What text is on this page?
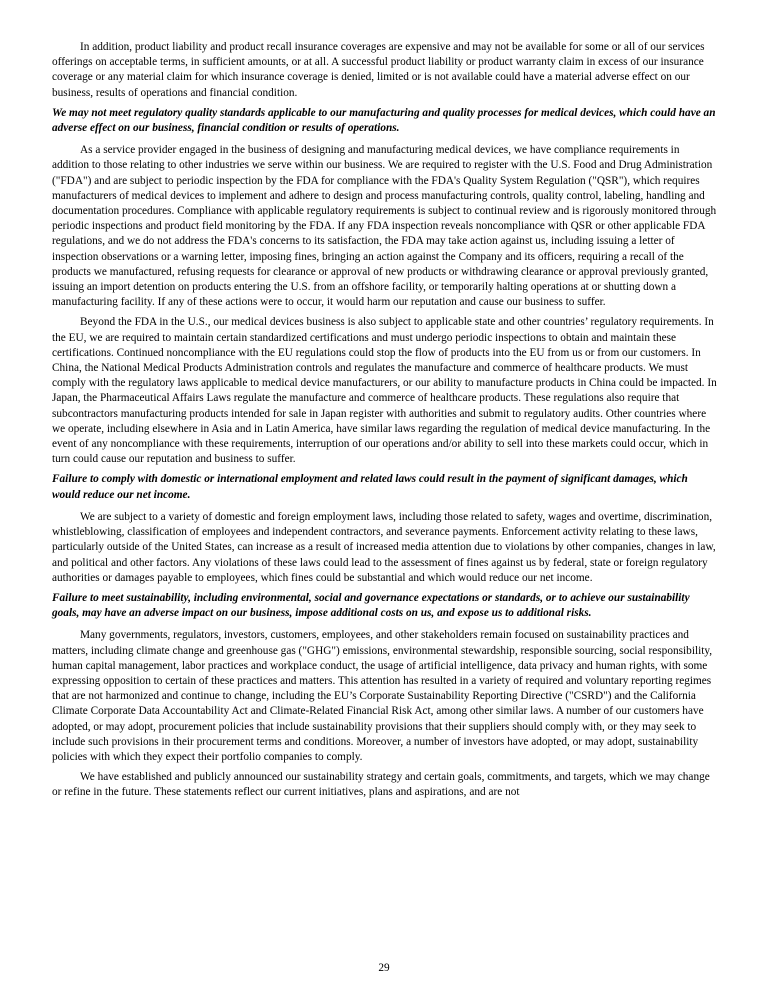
In addition, product liability and product recall insurance coverages are expensive and may not be available for some or all of our services offerings on acceptable terms, in sufficient amounts, or at all. A successful product liability or product warranty claim in excess of our insurance coverage or any material claim for which insurance coverage is denied, limited or is not available could have a material adverse effect on our business, results of operations and financial condition.

We may not meet regulatory quality standards applicable to our manufacturing and quality processes for medical devices, which could have an adverse effect on our business, financial condition or results of operations.

As a service provider engaged in the business of designing and manufacturing medical devices, we have compliance requirements in addition to those relating to other industries we serve within our business. We are required to register with the U.S. Food and Drug Administration ("FDA") and are subject to periodic inspection by the FDA for compliance with the FDA's Quality System Regulation ("QSR"), which requires manufacturers of medical devices to implement and adhere to design and process manufacturing controls, quality control, labeling, handling and documentation procedures. Compliance with applicable regulatory requirements is subject to continual review and is rigorously monitored through periodic inspections and product field monitoring by the FDA. If any FDA inspection reveals noncompliance with QSR or other applicable FDA regulations, and we do not address the FDA's concerns to its satisfaction, the FDA may take action against us, including issuing a letter of inspection observations or a warning letter, imposing fines, bringing an action against the Company and its officers, requiring a recall of the products we manufactured, refusing requests for clearance or approval of new products or withdrawing clearance or approval previously granted, issuing an import detention on products entering the U.S. from an offshore facility, or temporarily halting operations at or shutting down a manufacturing facility. If any of these actions were to occur, it would harm our reputation and cause our business to suffer.

Beyond the FDA in the U.S., our medical devices business is also subject to applicable state and other countries’ regulatory requirements. In the EU, we are required to maintain certain standardized certifications and must undergo periodic inspections to obtain and maintain these certifications. Continued noncompliance with the EU regulations could stop the flow of products into the EU from us or from our customers. In China, the National Medical Products Administration controls and regulates the manufacture and commerce of healthcare products. We must comply with the regulatory laws applicable to medical device manufacturers, or our ability to manufacture products in China could be impacted. In Japan, the Pharmaceutical Affairs Laws regulate the manufacture and commerce of healthcare products. These regulations also require that subcontractors manufacturing products intended for sale in Japan register with authorities and submit to regulatory audits. Other countries where we operate, including elsewhere in Asia and in Latin America, have similar laws regarding the regulation of medical device manufacturing. In the event of any noncompliance with these requirements, interruption of our operations and/or ability to sell into these markets could occur, which in turn could cause our reputation and business to suffer.

Failure to comply with domestic or international employment and related laws could result in the payment of significant damages, which would reduce our net income.

We are subject to a variety of domestic and foreign employment laws, including those related to safety, wages and overtime, discrimination, whistleblowing, classification of employees and independent contractors, and severance payments. Enforcement activity relating to these laws, particularly outside of the United States, can increase as a result of increased media attention due to violations by other companies, changes in law, and political and other factors. Any violations of these laws could lead to the assessment of fines against us by federal, state or foreign regulatory authorities or damages payable to employees, which fines could be substantial and which would reduce our net income.

Failure to meet sustainability, including environmental, social and governance expectations or standards, or to achieve our sustainability goals, may have an adverse impact on our business, impose additional costs on us, and expose us to additional risks.

Many governments, regulators, investors, customers, employees, and other stakeholders remain focused on sustainability practices and matters, including climate change and greenhouse gas ("GHG") emissions, environmental stewardship, responsible sourcing, social responsibility, human capital management, labor practices and workplace conduct, the usage of artificial intelligence, data privacy and human rights, with some expressing opposition to certain of these practices and matters. This attention has resulted in a variety of required and voluntary reporting regimes that are not harmonized and continue to change, including the EU’s Corporate Sustainability Reporting Directive ("CSRD") and the California Climate Corporate Data Accountability Act and Climate-Related Financial Risk Act, among other similar laws. A number of our customers have adopted, or may adopt, procurement policies that include sustainability provisions that their suppliers should comply with, or they may seek to include such provisions in their procurement terms and conditions. Moreover, a number of investors have adopted, or may adopt, sustainability policies with which they expect their portfolio companies to comply.

We have established and publicly announced our sustainability strategy and certain goals, commitments, and targets, which we may change or refine in the future. These statements reflect our current initiatives, plans and aspirations, and are not

29
